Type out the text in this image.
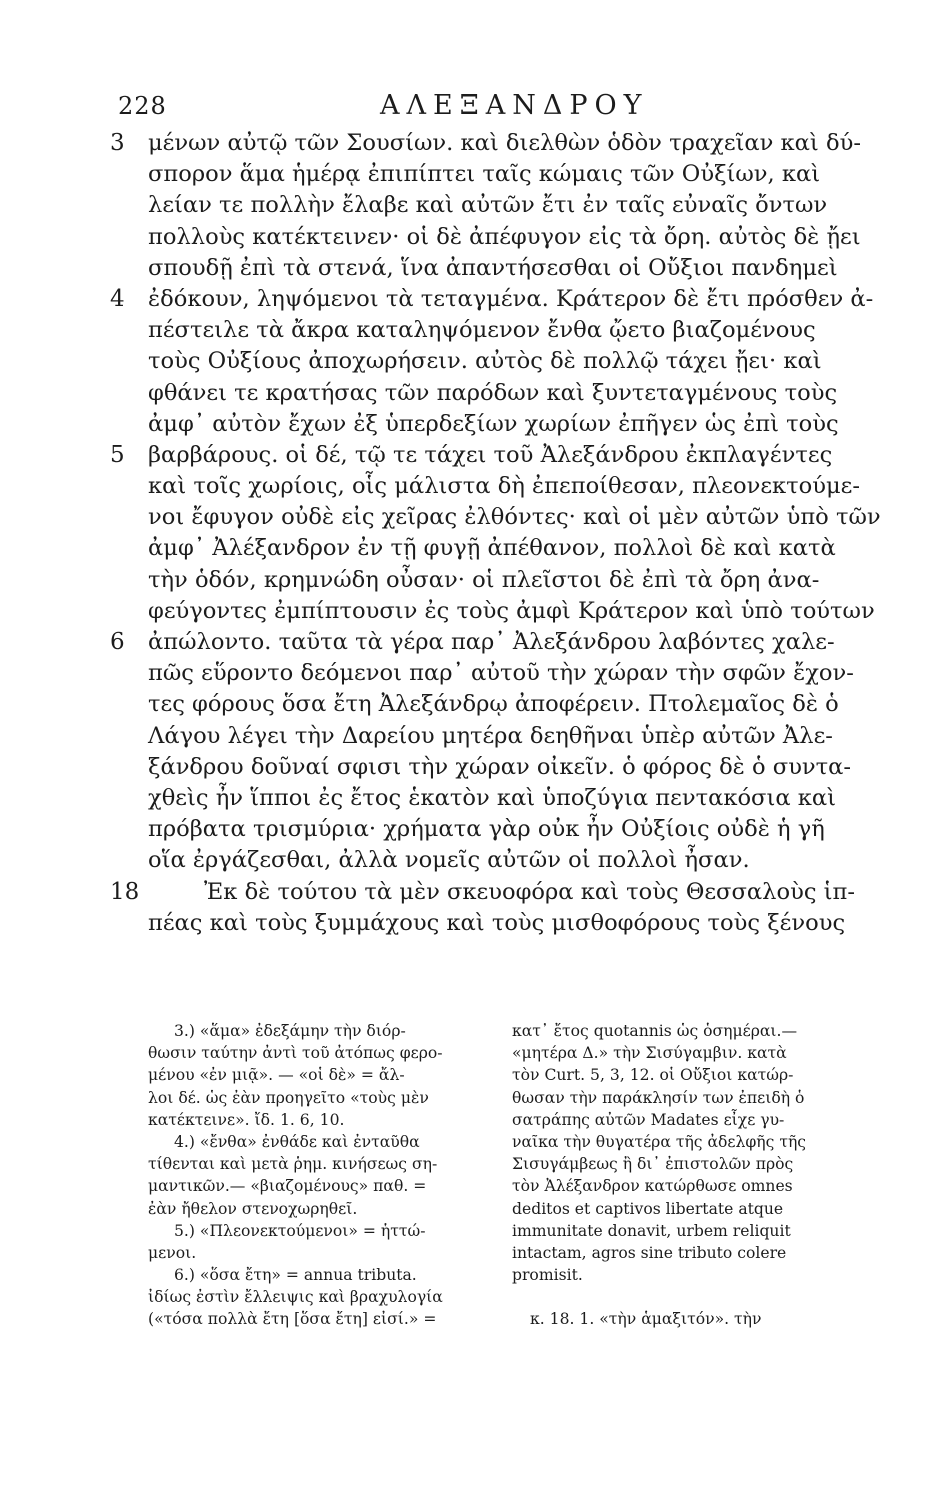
228	ΑΛΕΞΑΝΔΡΟΥ
3 μένων αὐτῷ τῶν Σουσίων. καὶ διελθὼν ὁδὸν τραχεῖαν καὶ δύ-
σπορον ἅμα ἡμέρᾳ ἐπιπίπτει ταῖς κώμαις τῶν Οὐξίων, καὶ
λείαν τε πολλὴν ἔλαβε καὶ αὐτῶν ἔτι ἐν ταῖς εὐναῖς ὄντων
πολλοὺς κατέκτεινεν· οἱ δὲ ἀπέφυγον εἰς τὰ ὄρη. αὐτὸς δὲ ᾔει
σπουδῇ ἐπὶ τὰ στενά, ἵνα ἀπαντήσεσθαι οἱ Οὔξιοι πανδημεὶ
4 ἐδόκουν, ληψόμενοι τὰ τεταγμένα. Κράτερον δὲ ἔτι πρόσθεν ἀ-
πέστειλε τὰ ἄκρα καταληψόμενον ἔνθα ᾤετο βιαζομένους
τοὺς Οὐξίους ἀποχωρήσειν. αὐτὸς δὲ πολλῷ τάχει ᾔει· καὶ
φθάνει τε κρατήσας τῶν παρόδων καὶ ξυντεταγμένους τοὺς
ἀμφ᾽ αὐτὸν ἔχων ἐξ ὑπερδεξίων χωρίων ἐπῆγεν ὡς ἐπὶ τοὺς
5 βαρβάρους. οἱ δέ, τῷ τε τάχει τοῦ Ἀλεξάνδρου ἐκπλαγέντες
καὶ τοῖς χωρίοις, οἷς μάλιστα δὴ ἐπεποίθεσαν, πλεονεκτούμε-
νοι ἔφυγον οὐδὲ εἰς χεῖρας ἐλθόντες· καὶ οἱ μὲν αὐτῶν ὑπὸ τῶν
ἀμφ᾽ Ἀλέξανδρον ἐν τῇ φυγῇ ἀπέθανον, πολλοὶ δὲ καὶ κατὰ
τὴν ὁδόν, κρημνώδη οὖσαν· οἱ πλεῖστοι δὲ ἐπὶ τὰ ὄρη ἀνα-
φεύγοντες ἐμπίπτουσιν ἐς τοὺς ἀμφὶ Κράτερον καὶ ὑπὸ τούτων
6 ἀπώλοντο. ταῦτα τὰ γέρα παρ᾽ Ἀλεξάνδρου λαβόντες χαλε-
πῶς εὕροντο δεόμενοι παρ᾽ αὐτοῦ τὴν χώραν τὴν σφῶν ἔχον-
τες φόρους ὅσα ἔτη Ἀλεξάνδρῳ ἀποφέρειν. Πτολεμαῖος δὲ ὁ
Λάγου λέγει τὴν Δαρείου μητέρα δεηθῆναι ὑπὲρ αὐτῶν Ἀλε-
ξάνδρου δοῦναί σφισι τὴν χώραν οἰκεῖν. ὁ φόρος δὲ ὁ συντα-
χθεὶς ἦν ἵπποι ἐς ἔτος ἑκατὸν καὶ ὑποζύγια πεντακόσια καὶ
πρόβατα τρισμύρια· χρήματα γὰρ οὐκ ἦν Οὐξίοις οὐδὲ ἡ γῆ
οἵα ἐργάζεσθαι, ἀλλὰ νομεῖς αὐτῶν οἱ πολλοὶ ἦσαν.
18	Ἐκ δὲ τούτου τὰ μὲν σκευοφόρα καὶ τοὺς Θεσσαλοὺς ἱπ-
πέας καὶ τοὺς ξυμμάχους καὶ τοὺς μισθοφόρους τοὺς ξένους
3.) «ἅμα» ἐδεξάμην τὴν διόρ-
θωσιν ταύτην ἀντὶ τοῦ ἀτόπως φερο-
μένου «ἐν μιᾷ». — «οἱ δὲ» = ἄλ-
λοι δέ. ὡς ἐὰν προηγεῖτο «τοὺς μὲν
κατέκτεινε». ἴδ. 1. 6, 10.
4.) «ἔνθα» ἐνθάδε καὶ ἐνταῦθα
τίθενται καὶ μετὰ ῥημ. κινήσεως ση-
μαντικῶν.— «βιαζομένους» παθ. =
ἐὰν ἤθελον στενοχωρηθεῖ.
5.) «Πλεονεκτούμενοι» = ἡττώ-
μενοι.
6.) «ὅσα ἔτη» = annua tributa.
ἰδίως ἐστὶν ἔλλειψις καὶ βραχυλογία
(«τόσα πολλὰ ἔτη [ὅσα ἔτη] εἰσί.» =
κατ᾽ ἔτος quotannis ὡς ὁσημέραι.—
«μητέρα Δ.» τὴν Σισύγαμβιν. κατὰ
τὸν Curt. 5, 3, 12. οἱ Οὔξιοι κατώρ-
θωσαν τὴν παράκλησίν των ἐπειδὴ ὁ
σατράπης αὐτῶν Madates εἶχε γυ-
ναῖκα τὴν θυγατέρα τῆς ἀδελφῆς τῆς
Σισυγάμβεως ἢ δι᾽ ἐπιστολῶν πρὸς
τὸν Ἀλέξανδρον κατώρθωσε omnes
deditos et captivos libertate atque
immunitate donavit, urbem reliquit
intactam, agros sine tributo colere
promisit.
κ. 18. 1. «τὴν ἁμαξιτόν». τὴν
